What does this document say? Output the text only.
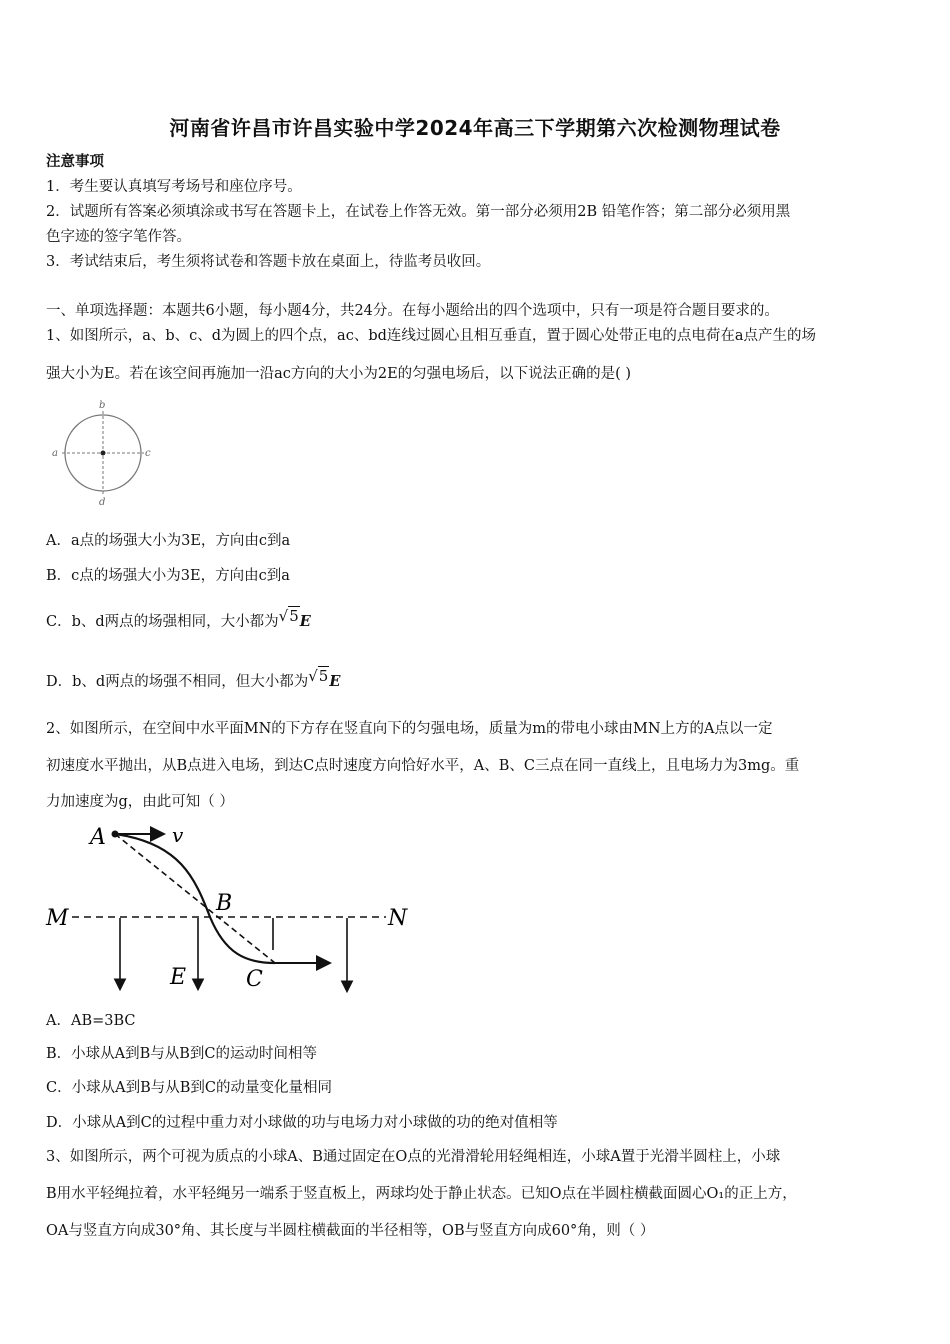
河南省许昌市许昌实验中学2024年高三下学期第六次检测物理试卷
注意事项
1．考生要认真填写考场号和座位序号。
2．试题所有答案必须填涂或书写在答题卡上，在试卷上作答无效。第一部分必须用2B 铅笔作答；第二部分必须用黑
色字迹的签字笔作答。
3．考试结束后，考生须将试卷和答题卡放在桌面上，待监考员收回。
一、单项选择题：本题共6小题，每小题4分，共24分。在每小题给出的四个选项中，只有一项是符合题目要求的。
1、如图所示，a、b、c、d为圆上的四个点，ac、bd连线过圆心且相互垂直，置于圆心处带正电的点电荷在a点产生的场
强大小为E。若在该空间再施加一沿ac方向的大小为2E的匀强电场后，以下说法正确的是( )
a
b
c
d
A．a点的场强大小为3E，方向由c到a
B．c点的场强大小为3E，方向由c到a
C．b、d两点的场强相同，大小都为√5E
D．b、d两点的场强不相同，但大小都为√5E
2、如图所示，在空间中水平面MN的下方存在竖直向下的匀强电场，质量为m的带电小球由MN上方的A点以一定
初速度水平抛出，从B点进入电场，到达C点时速度方向恰好水平，A、B、C三点在同一直线上，且电场力为3mg。重
力加速度为g，由此可知（ ）
A	v
M	N
B
C
E
A．AB=3BC
B．小球从A到B与从B到C的运动时间相等
C．小球从A到B与从B到C的动量变化量相同
D．小球从A到C的过程中重力对小球做的功与电场力对小球做的功的绝对值相等
3、如图所示，两个可视为质点的小球A、B通过固定在O点的光滑滑轮用轻绳相连，小球A置于光滑半圆柱上，小球
B用水平轻绳拉着，水平轻绳另一端系于竖直板上，两球均处于静止状态。已知O点在半圆柱横截面圆心O₁的正上方，
OA与竖直方向成30°角、其长度与半圆柱横截面的半径相等，OB与竖直方向成60°角，则（ ）
